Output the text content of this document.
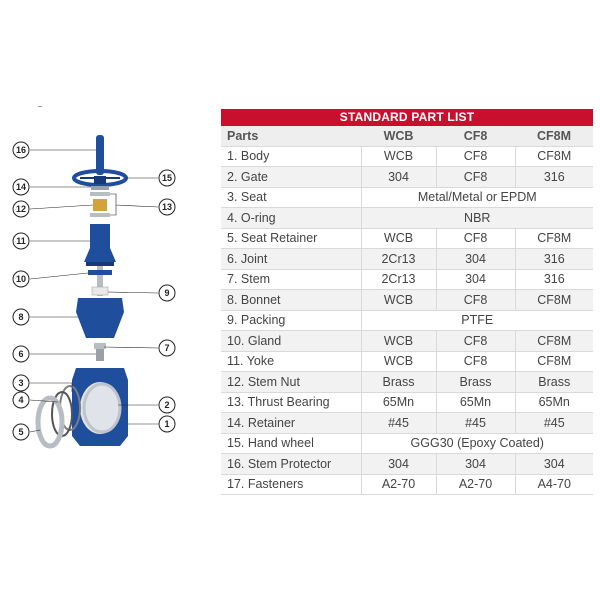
16
15
14
13
12
11
10
9
8
7
6
3
4	2
5
1
STANDARD PART LIST
Parts	WCB	CF8	CF8M
1. Body	WCB	CF8	CF8M
2. Gate	304	CF8	316
3. Seat	Metal/Metal or EPDM		
4. O-ring	NBR		
5. Seat Retainer	WCB	CF8	CF8M
6. Joint	2Cr13	304	316
7. Stem	2Cr13	304	316
8. Bonnet	WCB	CF8	CF8M
9. Packing	PTFE		
10. Gland	WCB	CF8	CF8M
11. Yoke	WCB	CF8	CF8M
12. Stem Nut	Brass	Brass	Brass
13. Thrust Bearing	65Mn	65Mn	65Mn
14. Retainer	#45	#45	#45
15. Hand wheel	GGG30 (Epoxy Coated)		
16. Stem Protector	304	304	304
17. Fasteners	A2-70	A2-70	A4-70
